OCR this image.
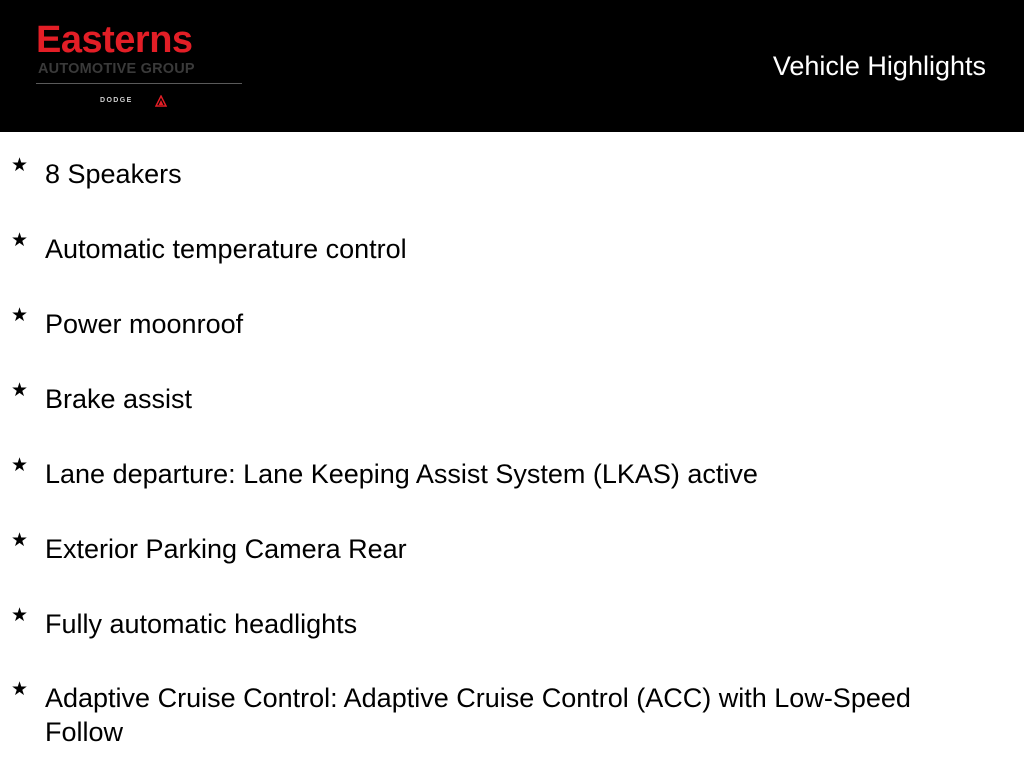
Easterns
AUTOMOTIVE GROUP
DODGE
Vehicle Highlights
★ 8 Speakers
★ Automatic temperature control
★ Power moonroof
★ Brake assist
★ Lane departure: Lane Keeping Assist System (LKAS) active
★ Exterior Parking Camera Rear
★ Fully automatic headlights
★ Adaptive Cruise Control: Adaptive Cruise Control (ACC) with Low-Speed Follow
